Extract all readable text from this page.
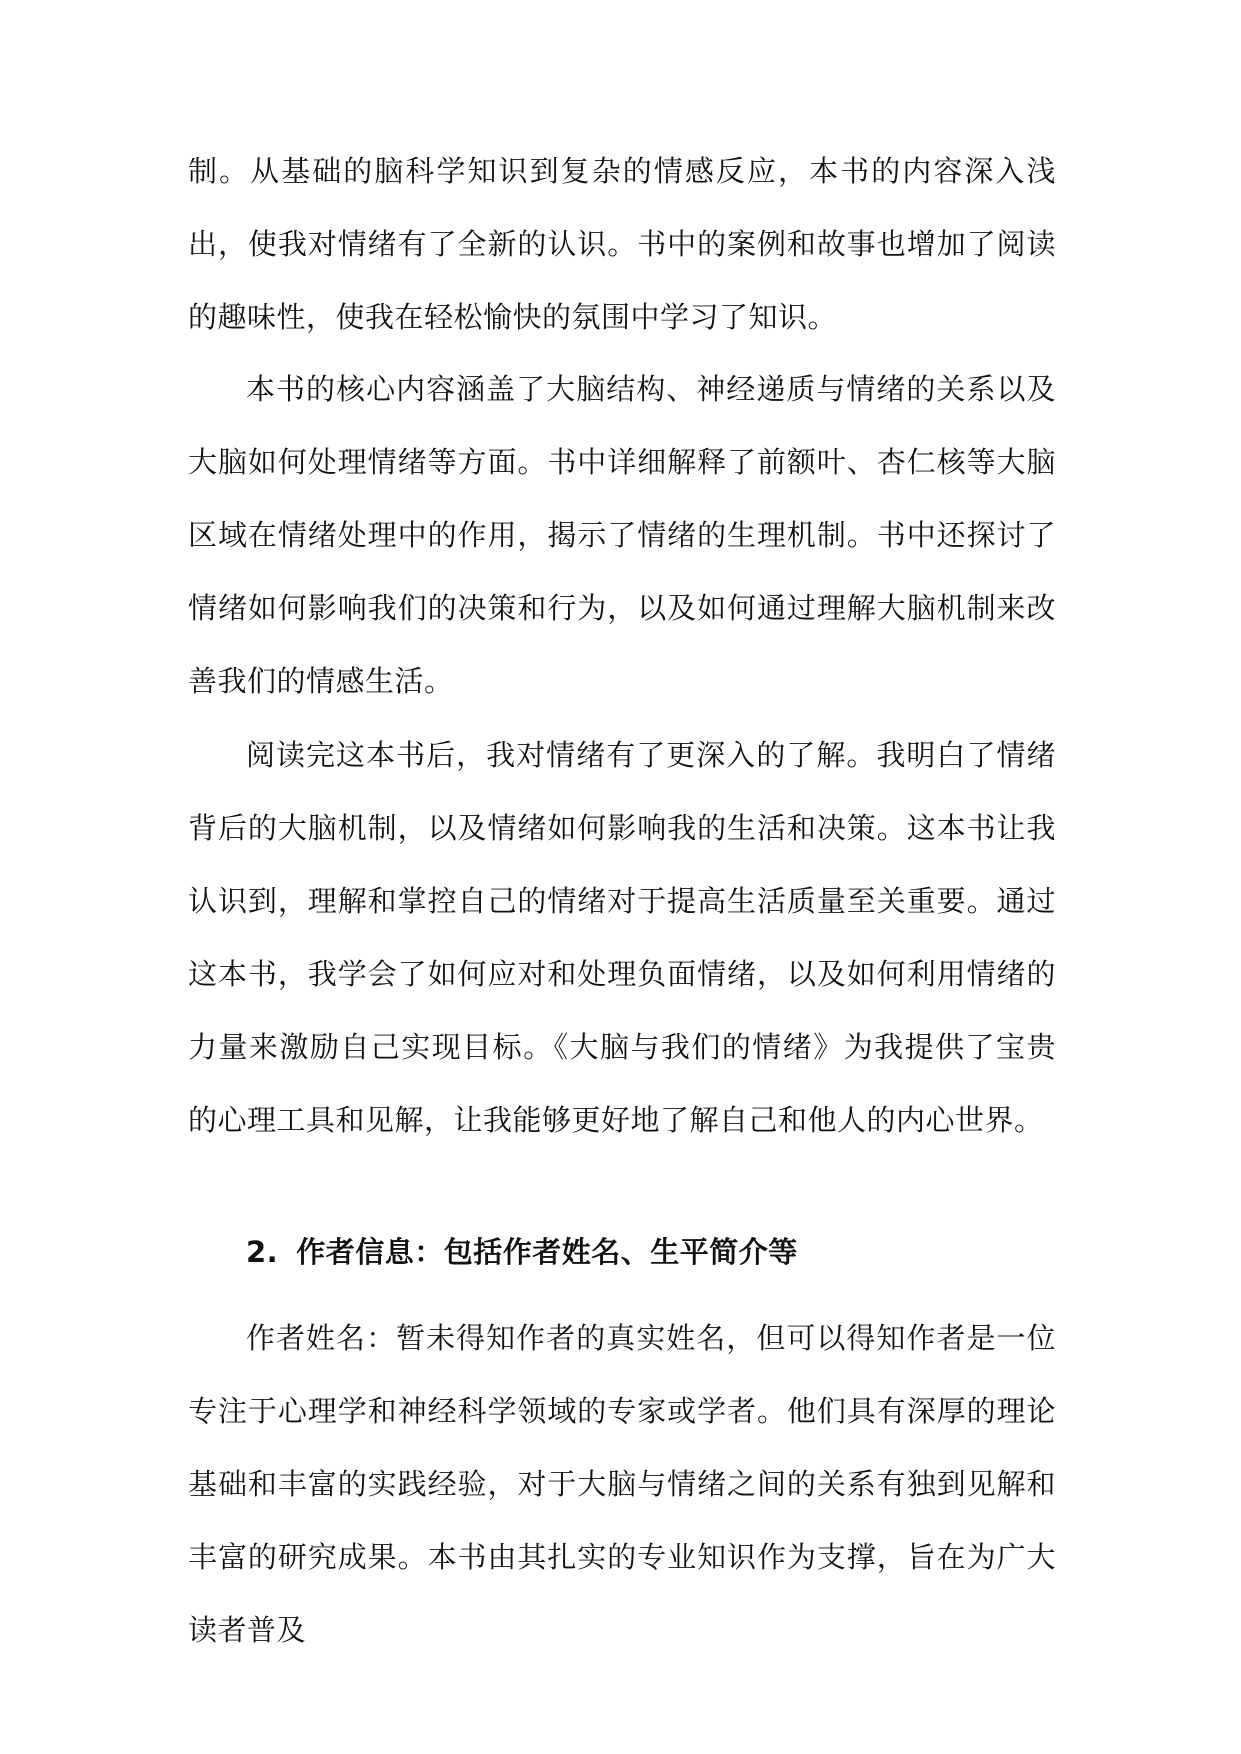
制。从基础的脑科学知识到复杂的情感反应，本书的内容深入浅出，使我对情绪有了全新的认识。书中的案例和故事也增加了阅读的趣味性，使我在轻松愉快的氛围中学习了知识。

本书的核心内容涵盖了大脑结构、神经递质与情绪的关系以及大脑如何处理情绪等方面。书中详细解释了前额叶、杏仁核等大脑区域在情绪处理中的作用，揭示了情绪的生理机制。书中还探讨了情绪如何影响我们的决策和行为，以及如何通过理解大脑机制来改善我们的情感生活。

阅读完这本书后，我对情绪有了更深入的了解。我明白了情绪背后的大脑机制，以及情绪如何影响我的生活和决策。这本书让我认识到，理解和掌控自己的情绪对于提高生活质量至关重要。通过这本书，我学会了如何应对和处理负面情绪，以及如何利用情绪的力量来激励自己实现目标。《大脑与我们的情绪》为我提供了宝贵的心理工具和见解，让我能够更好地了解自己和他人的内心世界。

2. 作者信息：包括作者姓名、生平简介等

作者姓名：暂未得知作者的真实姓名，但可以得知作者是一位专注于心理学和神经科学领域的专家或学者。他们具有深厚的理论基础和丰富的实践经验，对于大脑与情绪之间的关系有独到见解和丰富的研究成果。本书由其扎实的专业知识作为支撑，旨在为广大读者普及
